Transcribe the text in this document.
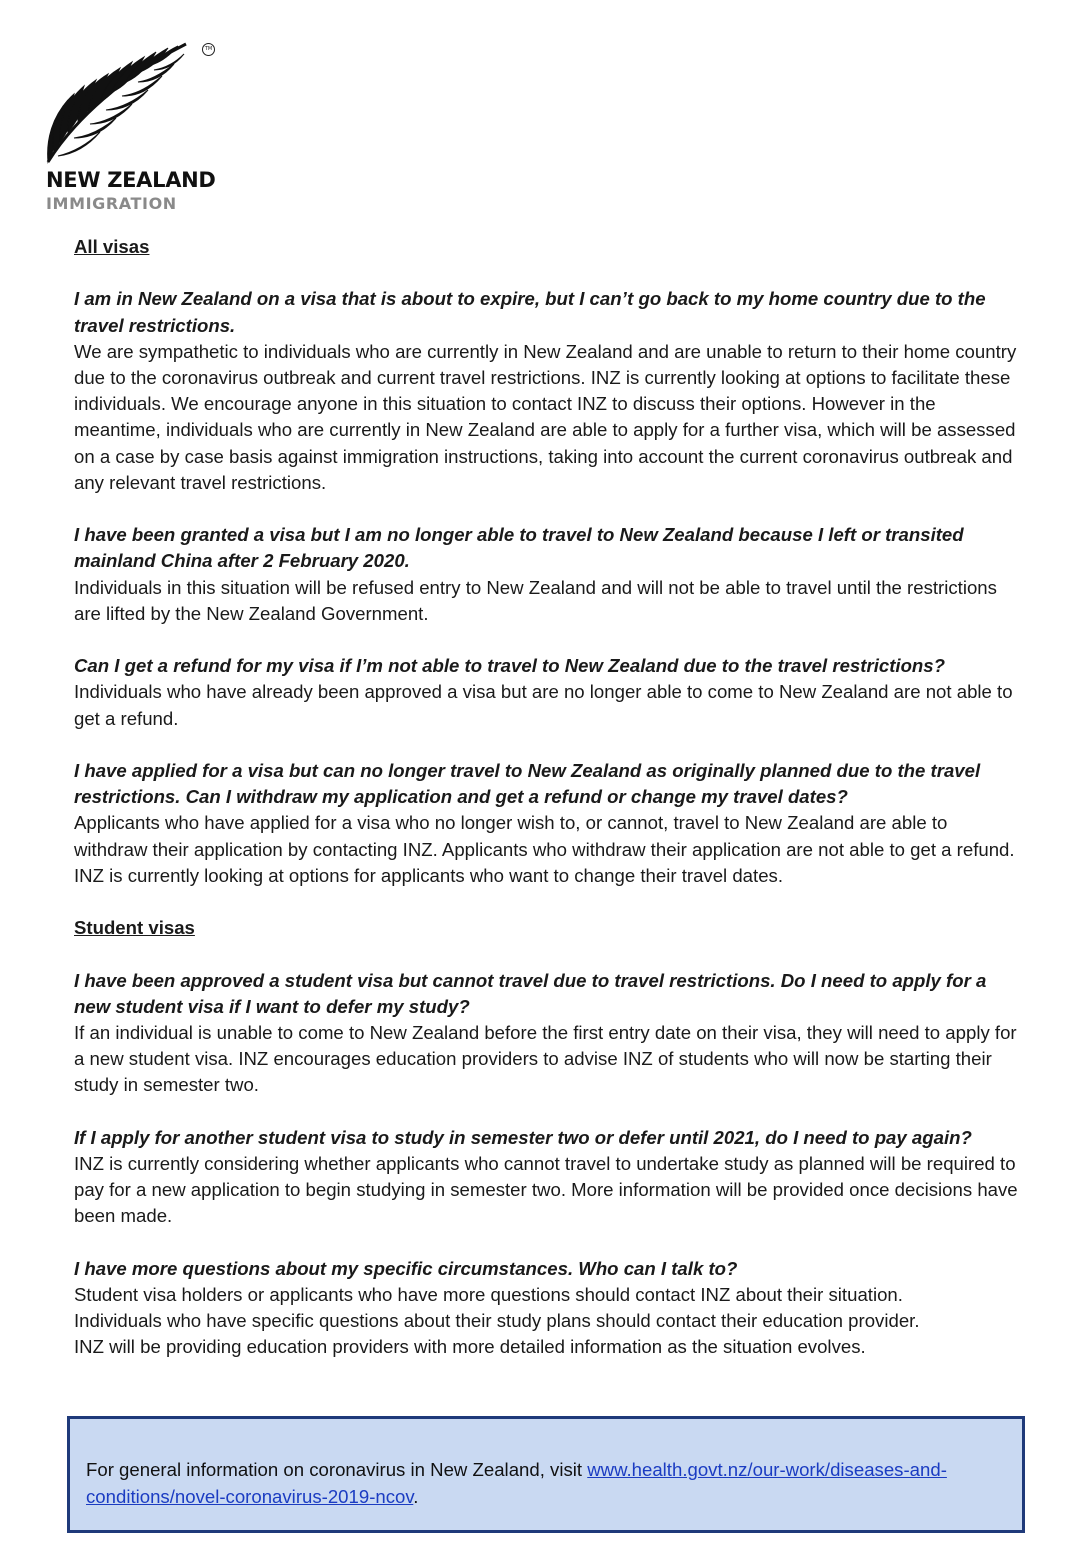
TM
NEW ZEALAND
IMMIGRATION

All visas

I am in New Zealand on a visa that is about to expire, but I can’t go back to my home country due to the travel restrictions.

We are sympathetic to individuals who are currently in New Zealand and are unable to return to their home country due to the coronavirus outbreak and current travel restrictions. INZ is currently looking at options to facilitate these individuals. We encourage anyone in this situation to contact INZ to discuss their options. However in the meantime, individuals who are currently in New Zealand are able to apply for a further visa, which will be assessed on a case by case basis against immigration instructions, taking into account the current coronavirus outbreak and any relevant travel restrictions.

I have been granted a visa but I am no longer able to travel to New Zealand because I left or transited mainland China after 2 February 2020.

Individuals in this situation will be refused entry to New Zealand and will not be able to travel until the restrictions are lifted by the New Zealand Government.

Can I get a refund for my visa if I’m not able to travel to New Zealand due to the travel restrictions?

Individuals who have already been approved a visa but are no longer able to come to New Zealand are not able to get a refund.

I have applied for a visa but can no longer travel to New Zealand as originally planned due to the travel restrictions. Can I withdraw my application and get a refund or change my travel dates?

Applicants who have applied for a visa who no longer wish to, or cannot, travel to New Zealand are able to withdraw their application by contacting INZ. Applicants who withdraw their application are not able to get a refund.

INZ is currently looking at options for applicants who want to change their travel dates.

Student visas

I have been approved a student visa but cannot travel due to travel restrictions. Do I need to apply for a new student visa if I want to defer my study?

If an individual is unable to come to New Zealand before the first entry date on their visa, they will need to apply for a new student visa. INZ encourages education providers to advise INZ of students who will now be starting their study in semester two.

If I apply for another student visa to study in semester two or defer until 2021, do I need to pay again?

INZ is currently considering whether applicants who cannot travel to undertake study as planned will be required to pay for a new application to begin studying in semester two. More information will be provided once decisions have been made.

I have more questions about my specific circumstances. Who can I talk to?

Student visa holders or applicants who have more questions should contact INZ about their situation.

Individuals who have specific questions about their study plans should contact their education provider.

INZ will be providing education providers with more detailed information as the situation evolves.

For general information on coronavirus in New Zealand, visit www.health.govt.nz/our-work/diseases-and-conditions/novel-coronavirus-2019-ncov.
